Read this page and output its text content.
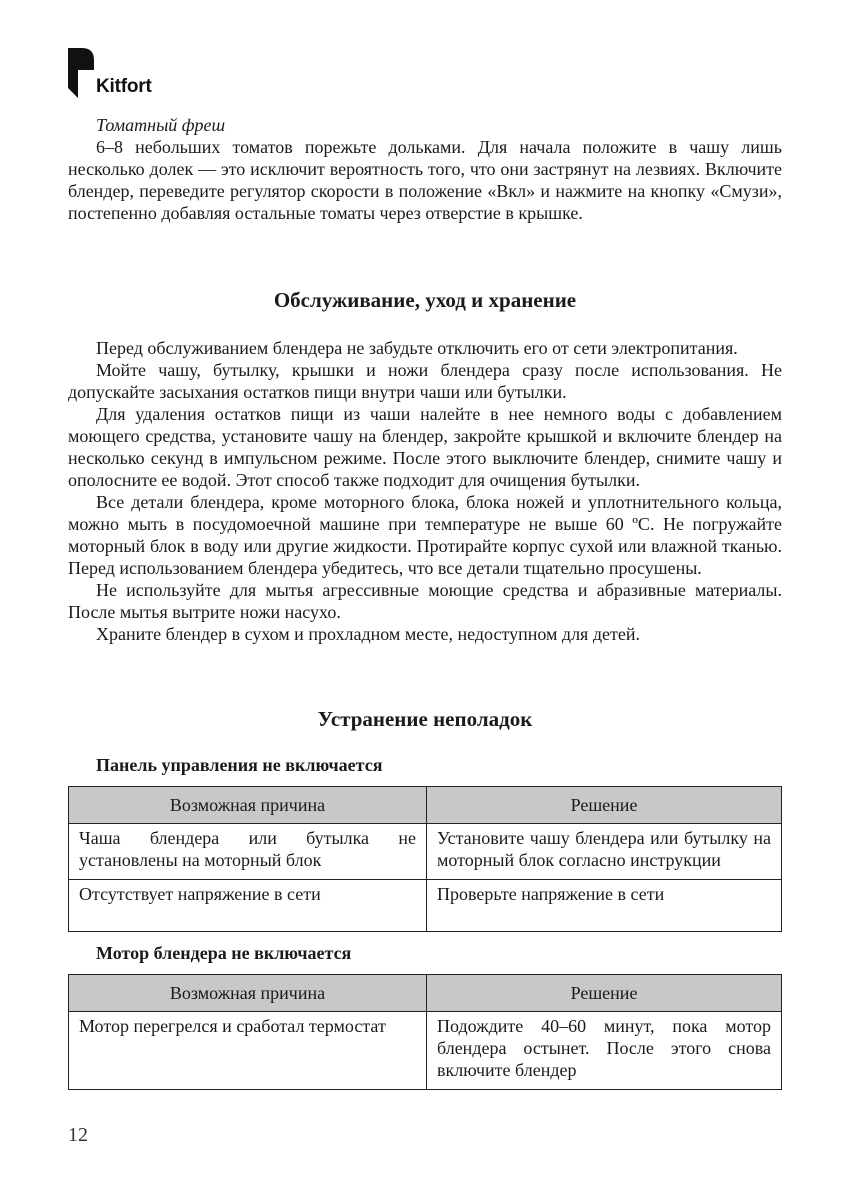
Kitfort
Томатный фреш

6–8 небольших томатов порежьте дольками. Для начала положите в чашу лишь несколько долек — это исключит вероятность того, что они застрянут на лезвиях. Включите блендер, переведите регулятор скорости в положение «Вкл» и нажмите на кнопку «Смузи», постепенно добавляя остальные томаты через отверстие в крышке.

Обслуживание, уход и хранение

Перед обслуживанием блендера не забудьте отключить его от сети электропитания.

Мойте чашу, бутылку, крышки и ножи блендера сразу после использования. Не допускайте засыхания остатков пищи внутри чаши или бутылки.

Для удаления остатков пищи из чаши налейте в нее немного воды с добавлением моющего средства, установите чашу на блендер, закройте крышкой и включите блендер на несколько секунд в импульсном режиме. После этого выключите блендер, снимите чашу и ополосните ее водой. Этот способ также подходит для очищения бутылки.

Все детали блендера, кроме моторного блока, блока ножей и уплотнительного кольца, можно мыть в посудомоечной машине при температуре не выше 60 ºC. Не погружайте моторный блок в воду или другие жидкости. Протирайте корпус сухой или влажной тканью. Перед использованием блендера убедитесь, что все детали тщательно просушены.

Не используйте для мытья агрессивные моющие средства и абразивные материалы. После мытья вытрите ножи насухо.

Храните блендер в сухом и прохладном месте, недоступном для детей.

Устранение неполадок
Панель управления не включается
Возможная причина	Решение
Чаша блендера или бутылка не установлены на моторный блок	Установите чашу блендера или бутылку на моторный блок согласно инструкции
Отсутствует напряжение в сети	Проверьте напряжение в сети
Мотор блендера не включается
Возможная причина	Решение
Мотор перегрелся и сработал термостат	Подождите 40–60 минут, пока мотор блендера остынет. После этого снова включите блендер
12
